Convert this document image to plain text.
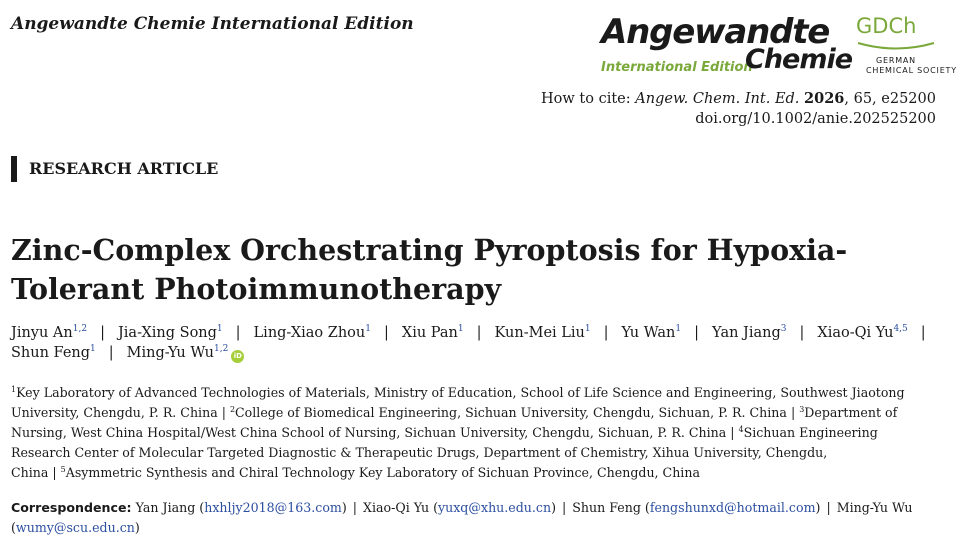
Angewandte Chemie International Edition	Angewandte
International Edition
Chemie
GDCh
GERMAN
CHEMICAL SOCIETY
How to cite: Angew. Chem. Int. Ed. 2026, 65, e25200
doi.org/10.1002/anie.202525200
RESEARCH ARTICLE
Zinc-Complex Orchestrating Pyroptosis for Hypoxia-Tolerant Photoimmunotherapy
Jinyu An$^{1,2}$ | Jia-Xing Song$^1$ | Ling-Xiao Zhou$^1$ | Xiu Pan$^1$ | Kun-Mei Liu$^1$ | Yu Wan$^1$ | Yan Jiang$^3$ | Xiao-Qi Yu$^{4,5}$ |
Shun Feng$^1$ | Ming-Yu Wu$^{1,2}$iD
$^1$Key Laboratory of Advanced Technologies of Materials, Ministry of Education, School of Life Science and Engineering, Southwest Jiaotong University, Chengdu, P. R. China | $^2$College of Biomedical Engineering, Sichuan University, Chengdu, Sichuan, P. R. China | $^3$Department of Nursing, West China Hospital/West China School of Nursing, Sichuan University, Chengdu, Sichuan, P. R. China | $^4$Sichuan Engineering Research Center of Molecular Targeted Diagnostic & Therapeutic Drugs, Department of Chemistry, Xihua University, Chengdu, China | $^5$Asymmetric Synthesis and Chiral Technology Key Laboratory of Sichuan Province, Chengdu, China
Correspondence: Yan Jiang (hxhljy2018@163.com) | Xiao-Qi Yu (yuxq@xhu.edu.cn) | Shun Feng (fengshunxd@hotmail.com) | Ming-Yu Wu
(wumy@scu.edu.cn)
